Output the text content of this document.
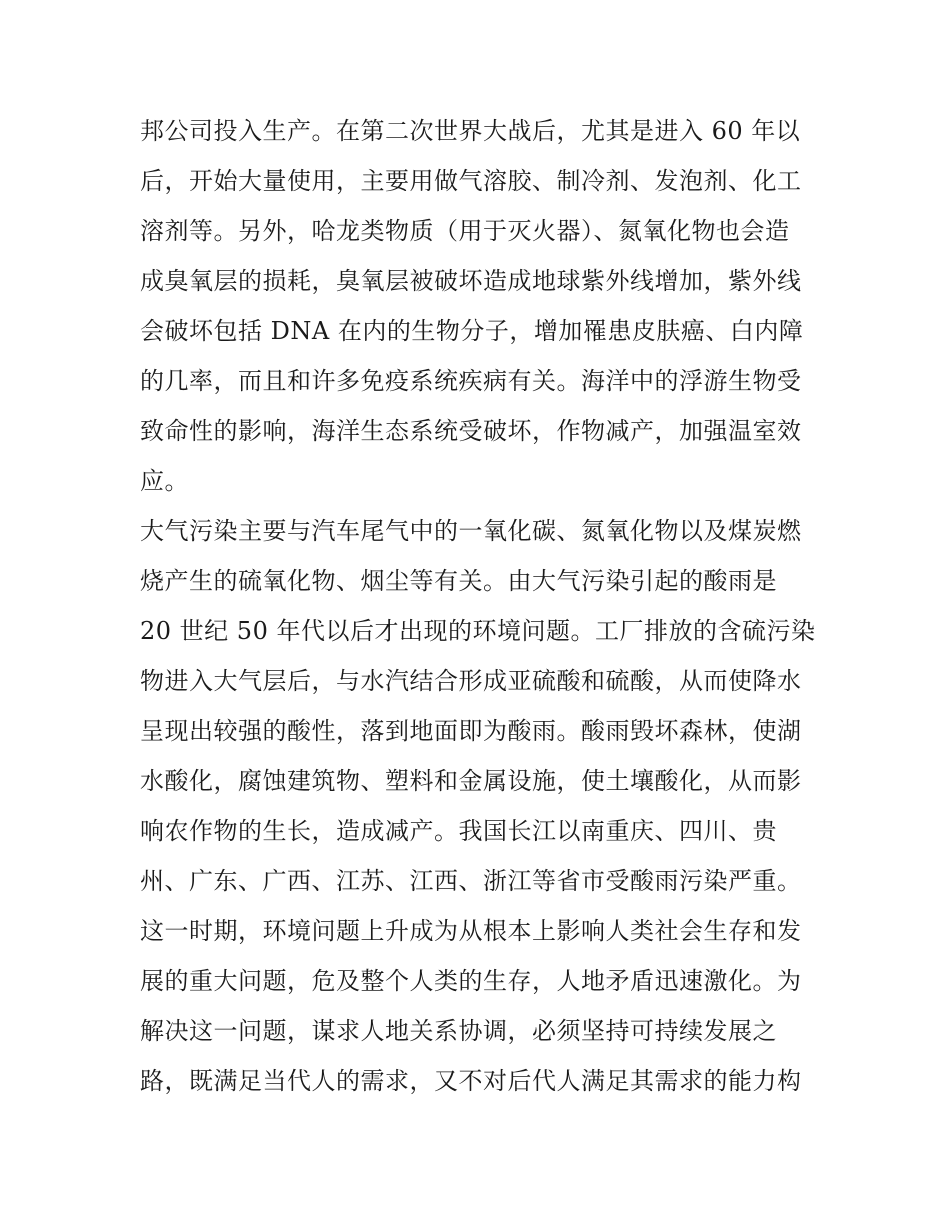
邦公司投入生产。在第二次世界大战后，尤其是进入 60 年以
后，开始大量使用，主要用做气溶胶、制冷剂、发泡剂、化工
溶剂等。另外，哈龙类物质（用于灭火器）、氮氧化物也会造
成臭氧层的损耗，臭氧层被破坏造成地球紫外线增加，紫外线
会破坏包括 DNA 在内的生物分子，增加罹患皮肤癌、白内障
的几率，而且和许多免疫系统疾病有关。海洋中的浮游生物受
致命性的影响，海洋生态系统受破坏，作物减产，加强温室效
应。
大气污染主要与汽车尾气中的一氧化碳、氮氧化物以及煤炭燃
烧产生的硫氧化物、烟尘等有关。由大气污染引起的酸雨是
20 世纪 50 年代以后才出现的环境问题。工厂排放的含硫污染
物进入大气层后，与水汽结合形成亚硫酸和硫酸，从而使降水
呈现出较强的酸性，落到地面即为酸雨。酸雨毁坏森林，使湖
水酸化，腐蚀建筑物、塑料和金属设施，使土壤酸化，从而影
响农作物的生长，造成减产。我国长江以南重庆、四川、贵
州、广东、广西、江苏、江西、浙江等省市受酸雨污染严重。
这一时期，环境问题上升成为从根本上影响人类社会生存和发
展的重大问题，危及整个人类的生存，人地矛盾迅速激化。为
解决这一问题，谋求人地关系协调，必须坚持可持续发展之
路，既满足当代人的需求，又不对后代人满足其需求的能力构
